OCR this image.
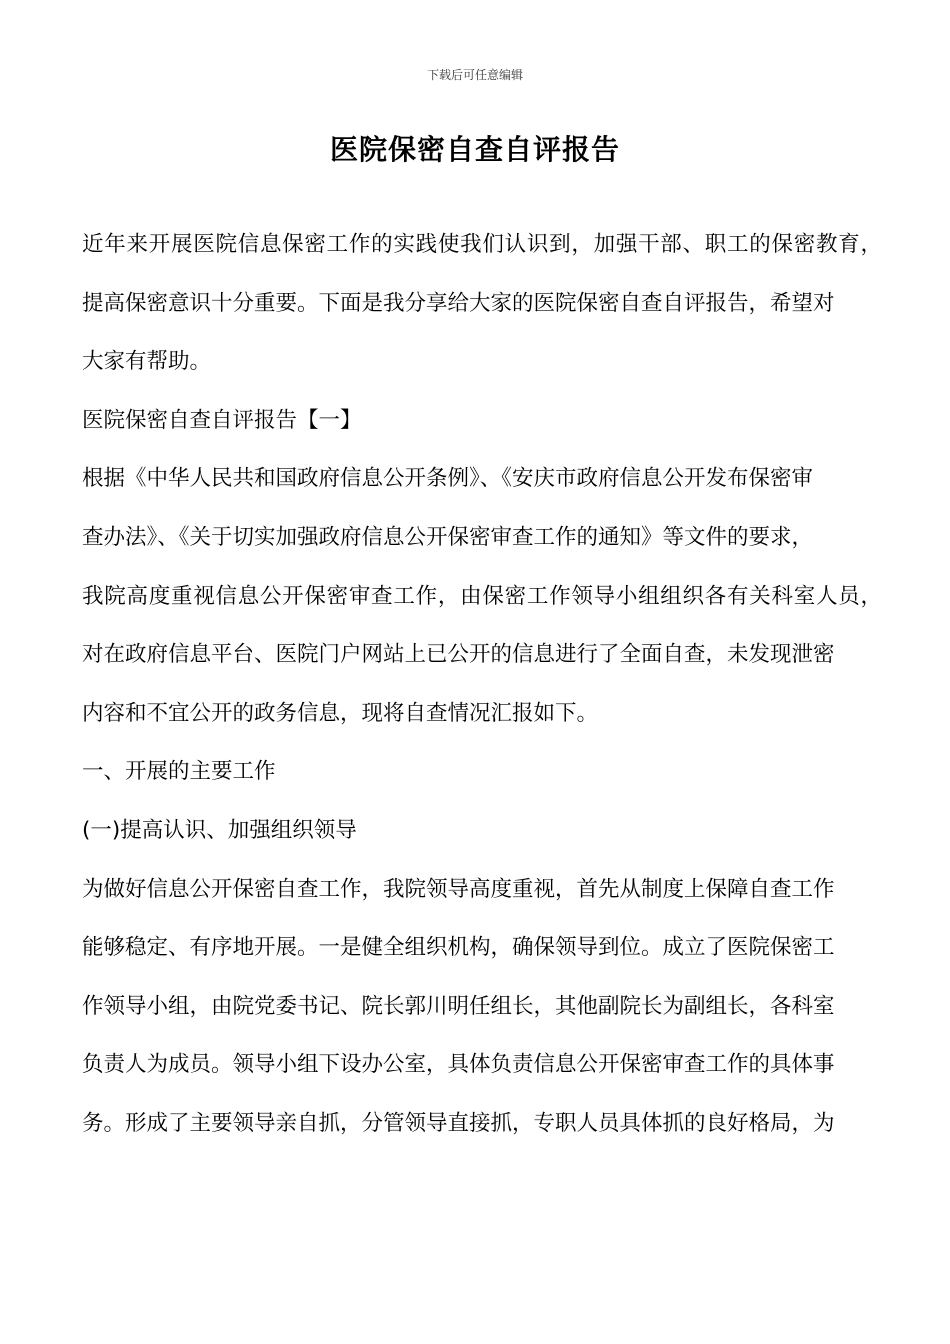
下载后可任意编辑
医院保密自查自评报告
近年来开展医院信息保密工作的实践使我们认识到，加强干部、职工的保密教育，
提高保密意识十分重要。下面是我分享给大家的医院保密自查自评报告，希望对
大家有帮助。
医院保密自查自评报告【一】
根据《中华人民共和国政府信息公开条例》、《安庆市政府信息公开发布保密审
查办法》、《关于切实加强政府信息公开保密审查工作的通知》等文件的要求，
我院高度重视信息公开保密审查工作，由保密工作领导小组组织各有关科室人员，
对在政府信息平台、医院门户网站上已公开的信息进行了全面自查，未发现泄密
内容和不宜公开的政务信息，现将自查情况汇报如下。
一、开展的主要工作
(一)提高认识、加强组织领导
为做好信息公开保密自查工作，我院领导高度重视，首先从制度上保障自查工作
能够稳定、有序地开展。一是健全组织机构，确保领导到位。成立了医院保密工
作领导小组，由院党委书记、院长郭川明任组长，其他副院长为副组长，各科室
负责人为成员。领导小组下设办公室，具体负责信息公开保密审查工作的具体事
务。形成了主要领导亲自抓，分管领导直接抓，专职人员具体抓的良好格局，为
